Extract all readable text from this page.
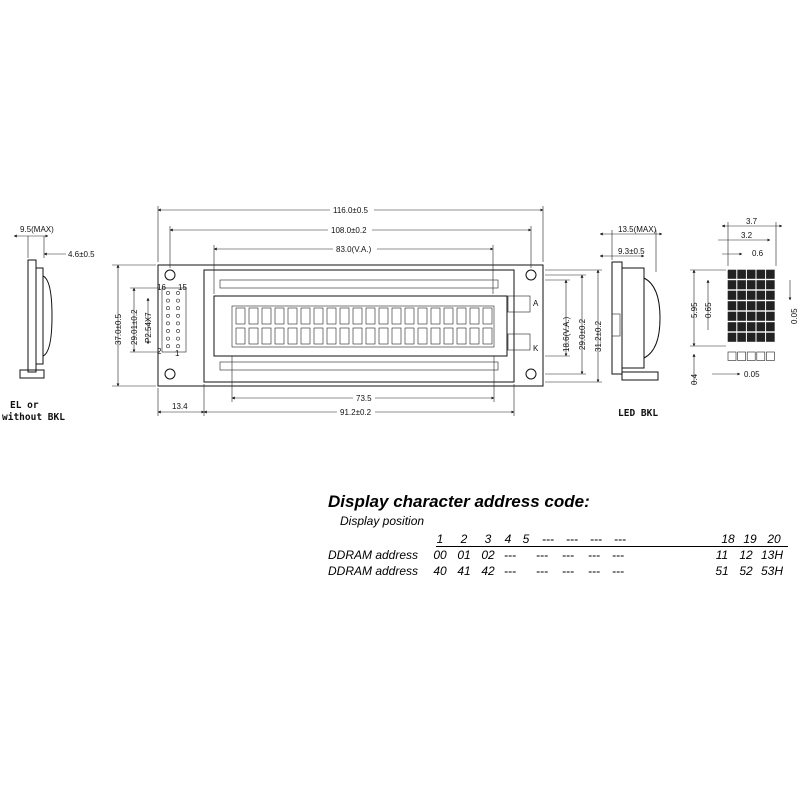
9.5(MAX)
4.6±0.5
EL or
without BKL
16 15
2 1
A
K
116.0±0.5
108.0±0.2
83.0(V.A.)
37.0±0.5 29.01±0.2 P2.54X7	18.6(V.A.) 29.0±0.2 31.2±0.2
73.5
13.4
91.2±0.2
13.5(MAX)
9.3±0.5
LED BKL
3.7
3.2
0.6
5.95 0.65	0.05
0.4	0.05

Display character address code:

Display position

1	2	3	4 5	---	---	---	---	18 19 20
DDRAM address	00 01 02 ---	---	---	---	---	11 12 13H
DDRAM address	40 41 42 ---	---	---	---	---	51 52 53H
